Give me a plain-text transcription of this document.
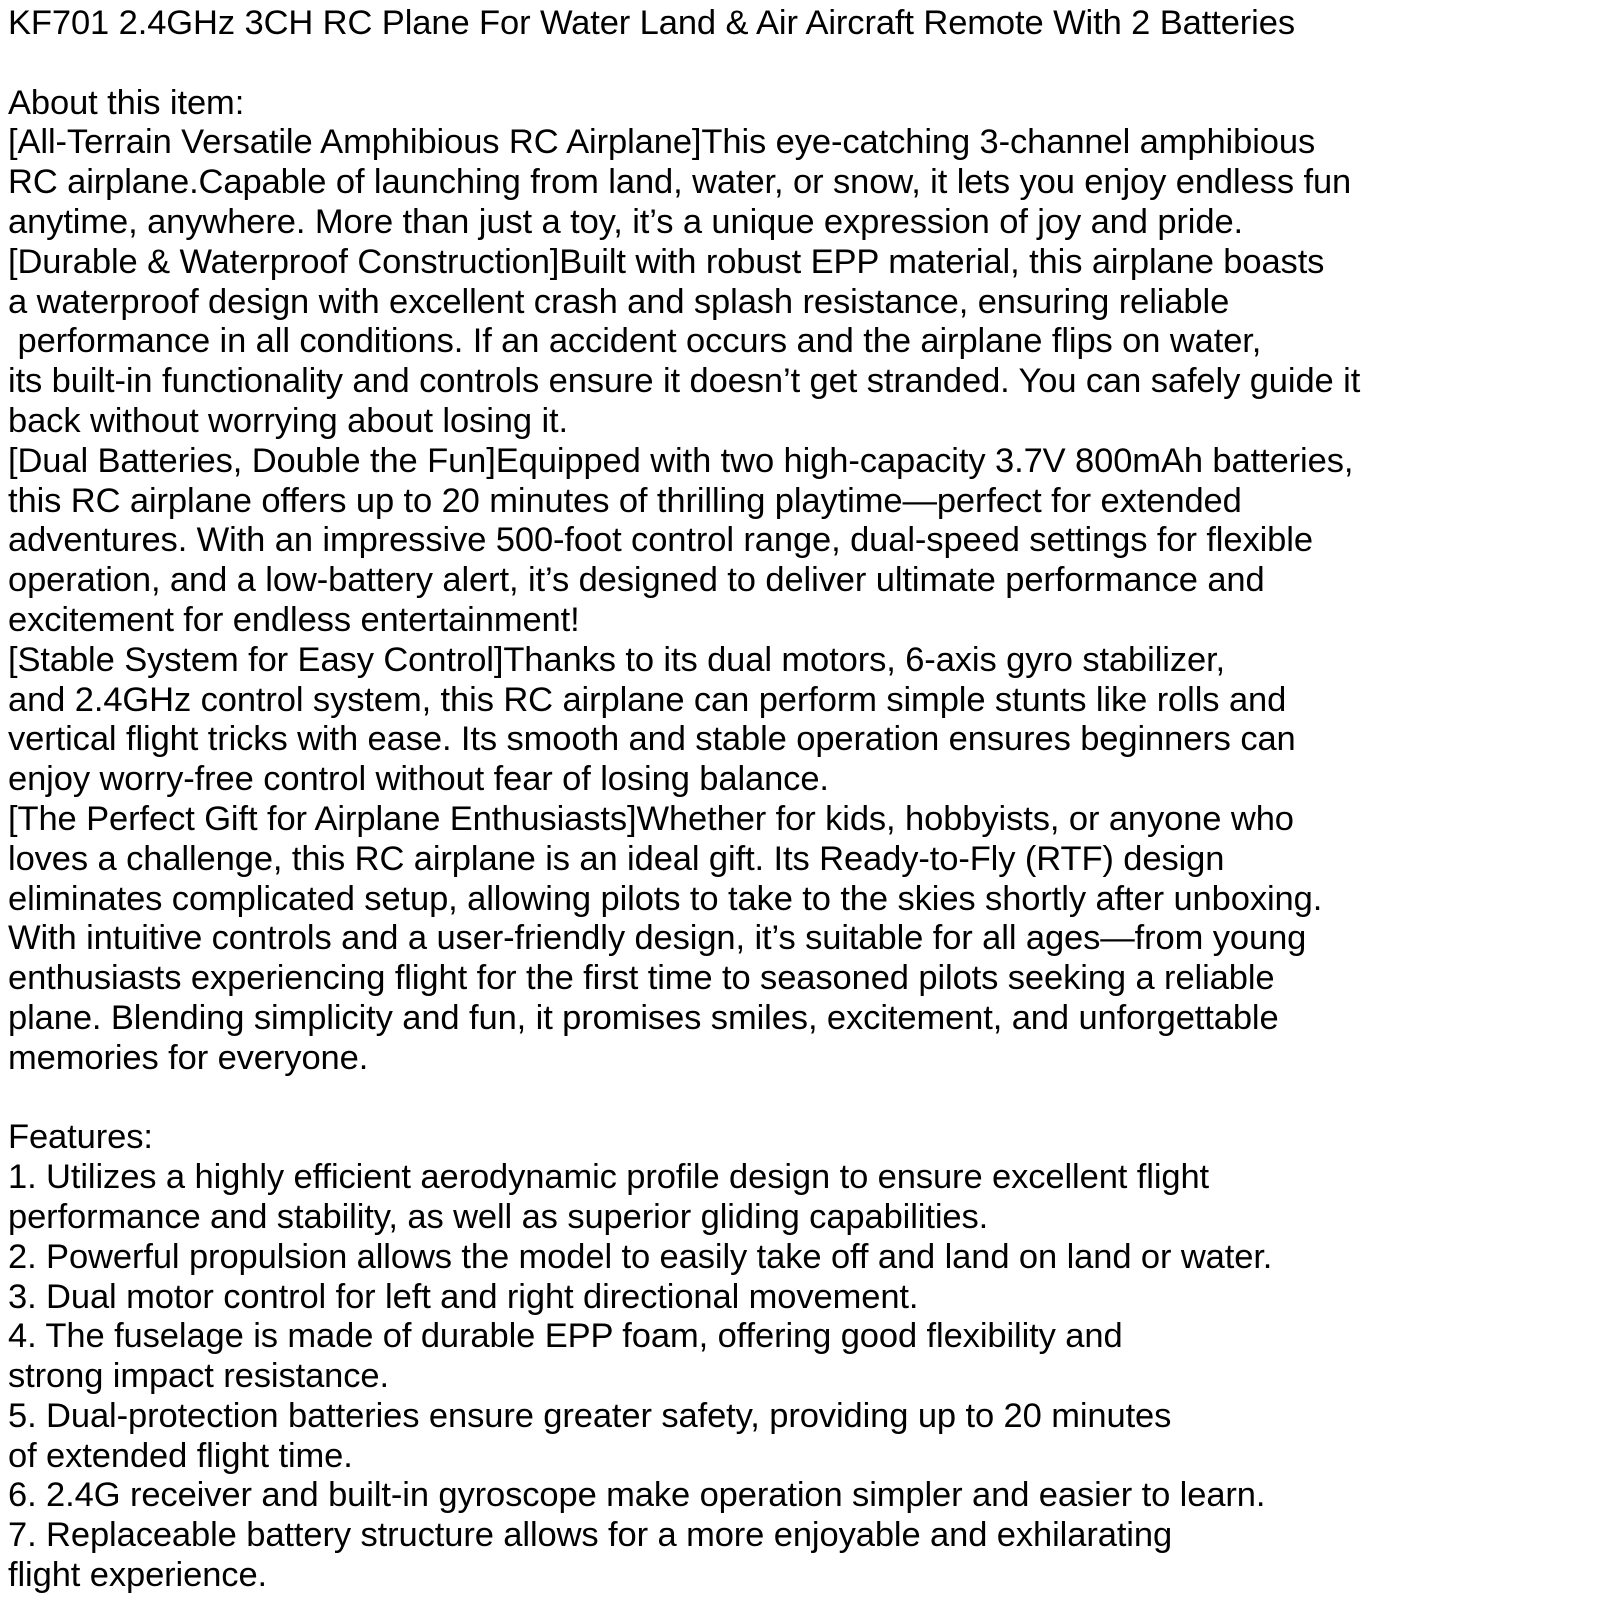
KF701 2.4GHz 3CH RC Plane For Water Land & Air Aircraft Remote With 2 Batteries
About this item:
[All-Terrain Versatile Amphibious RC Airplane]This eye-catching 3-channel amphibious
RC airplane.Capable of launching from land, water, or snow, it lets you enjoy endless fun
anytime, anywhere. More than just a toy, it’s a unique expression of joy and pride.
[Durable & Waterproof Construction]Built with robust EPP material, this airplane boasts
a waterproof design with excellent crash and splash resistance, ensuring reliable
performance in all conditions. If an accident occurs and the airplane flips on water,
its built-in functionality and controls ensure it doesn’t get stranded. You can safely guide it
back without worrying about losing it.
[Dual Batteries, Double the Fun]Equipped with two high-capacity 3.7V 800mAh batteries,
this RC airplane offers up to 20 minutes of thrilling playtime—perfect for extended
adventures. With an impressive 500-foot control range, dual-speed settings for flexible
operation, and a low-battery alert, it’s designed to deliver ultimate performance and
excitement for endless entertainment!
[Stable System for Easy Control]Thanks to its dual motors, 6-axis gyro stabilizer,
and 2.4GHz control system, this RC airplane can perform simple stunts like rolls and
vertical flight tricks with ease. Its smooth and stable operation ensures beginners can
enjoy worry-free control without fear of losing balance.
[The Perfect Gift for Airplane Enthusiasts]Whether for kids, hobbyists, or anyone who
loves a challenge, this RC airplane is an ideal gift. Its Ready-to-Fly (RTF) design
eliminates complicated setup, allowing pilots to take to the skies shortly after unboxing.
With intuitive controls and a user-friendly design, it’s suitable for all ages—from young
enthusiasts experiencing flight for the first time to seasoned pilots seeking a reliable
plane. Blending simplicity and fun, it promises smiles, excitement, and unforgettable
memories for everyone.
Features:
1. Utilizes a highly efficient aerodynamic profile design to ensure excellent flight
performance and stability, as well as superior gliding capabilities.
2. Powerful propulsion allows the model to easily take off and land on land or water.
3. Dual motor control for left and right directional movement.
4. The fuselage is made of durable EPP foam, offering good flexibility and
strong impact resistance.
5. Dual-protection batteries ensure greater safety, providing up to 20 minutes
of extended flight time.
6. 2.4G receiver and built-in gyroscope make operation simpler and easier to learn.
7. Replaceable battery structure allows for a more enjoyable and exhilarating
flight experience.
